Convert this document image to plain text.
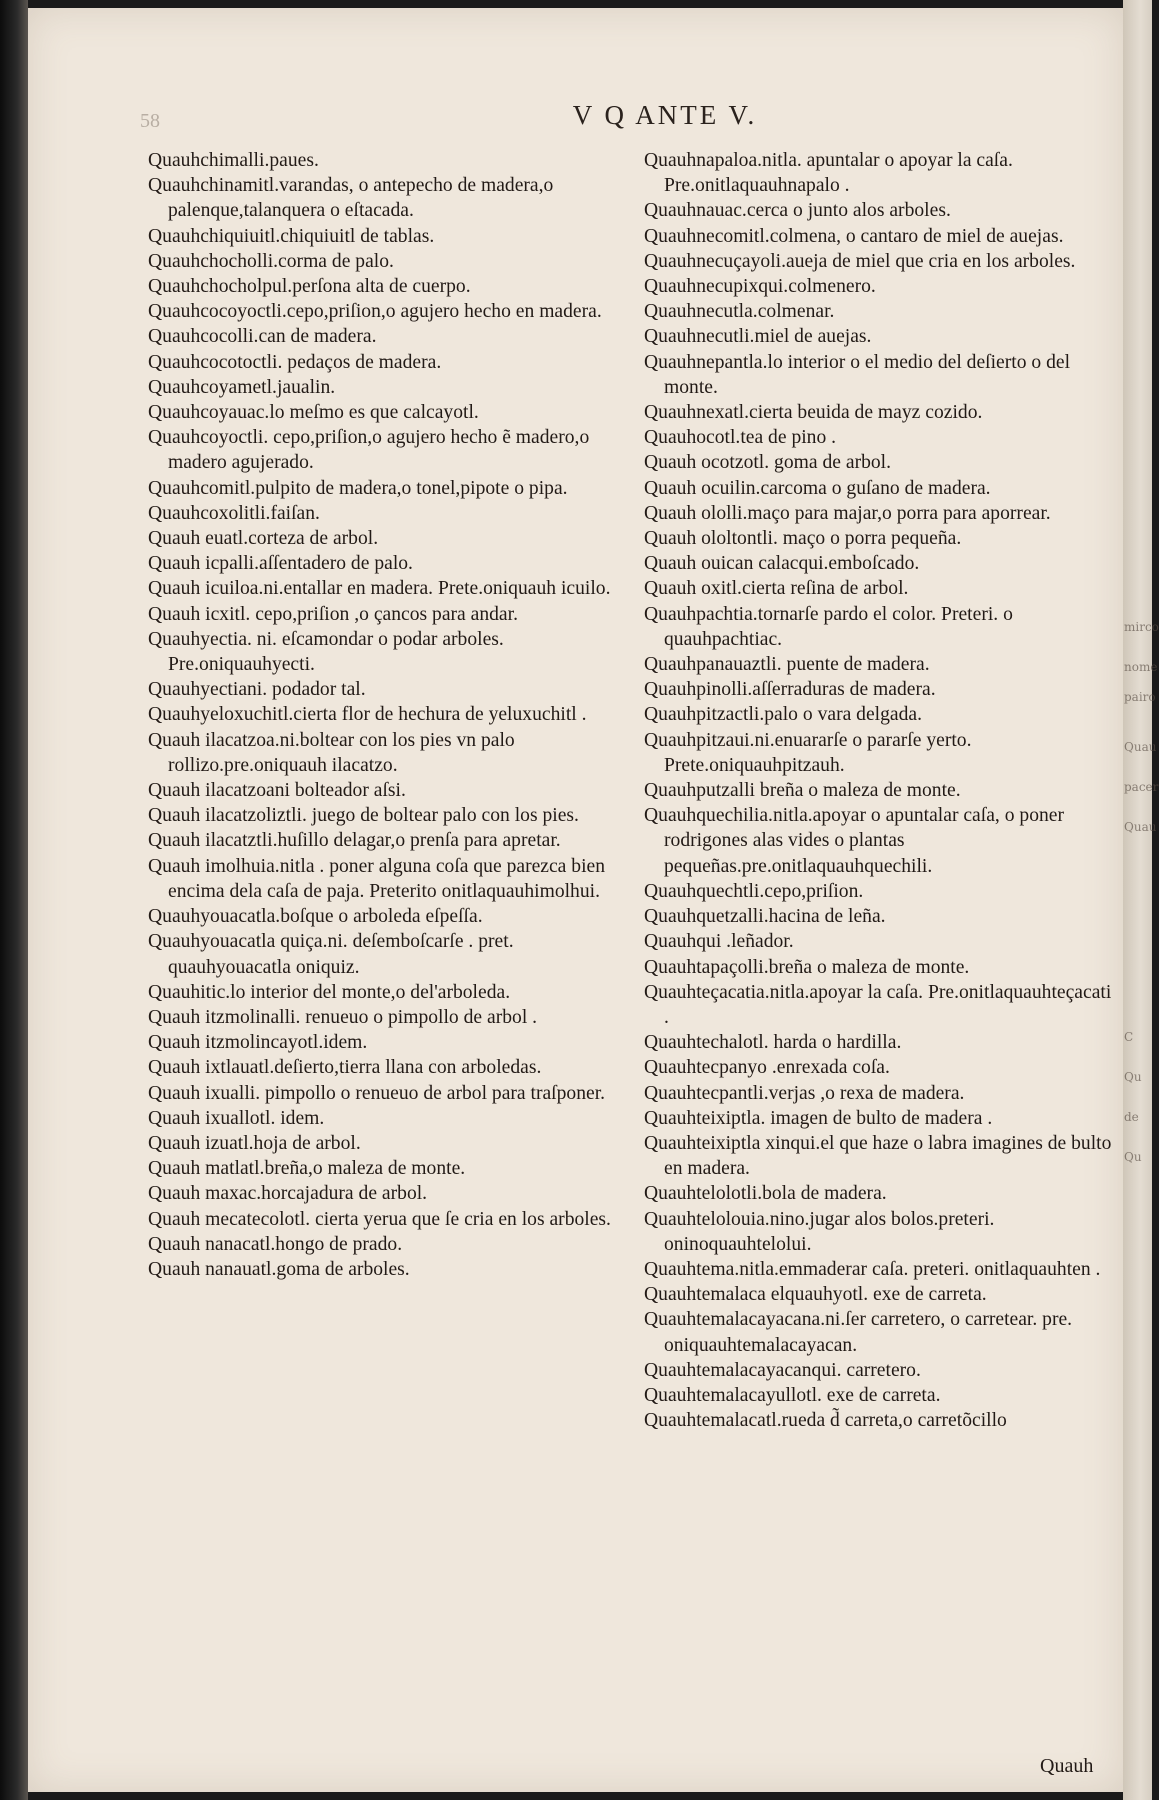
mirco
nome
pairo
Quau
pacer
Quau
C
Qu
de
Qu
58	V Q ANTE V.
Quauhchimalli.paues.
Quauhchinamitl.varandas, o antepecho de madera,o palenque,talanquera o eſtacada.
Quauhchiquiuitl.chiquiuitl de tablas.
Quauhchocholli.corma de palo.
Quauhchocholpul.perſona alta de cuerpo.
Quauhcocoyoctli.cepo,priſion,o agujero hecho en madera.
Quauhcocolli.can de madera.
Quauhcocotoctli. pedaços de madera.
Quauhcoyametl.jaualin.
Quauhcoyauac.lo meſmo es que calcayotl.
Quauhcoyoctli. cepo,priſion,o agujero hecho ẽ madero,o madero agujerado.
Quauhcomitl.pulpito de madera,o tonel,pipote o pipa.
Quauhcoxolitli.faiſan.
Quauh euatl.corteza de arbol.
Quauh icpalli.aſſentadero de palo.
Quauh icuiloa.ni.entallar en madera. Prete.oniquauh icuilo.
Quauh icxitl. cepo,priſion ,o çancos para andar.
Quauhyectia. ni. eſcamondar o podar arboles. Pre.oniquauhyecti.
Quauhyectiani. podador tal.
Quauhyeloxuchitl.cierta flor de hechura de yeluxuchitl .
Quauh ilacatzoa.ni.boltear con los pies vn palo rollizo.pre.oniquauh ilacatzo.
Quauh ilacatzoani bolteador aſsi.
Quauh ilacatzoliztli. juego de boltear palo con los pies.
Quauh ilacatztli.huſillo delagar,o prenſa para apretar.
Quauh imolhuia.nitla . poner alguna coſa que parezca bien encima dela caſa de paja. Preterito onitlaquauhimolhui.
Quauhyouacatla.boſque o arboleda eſpeſſa.
Quauhyouacatla quiça.ni. deſemboſcarſe . pret. quauhyouacatla oniquiz.
Quauhitic.lo interior del monte,o del'arboleda.
Quauh itzmolinalli. renueuo o pimpollo de arbol .
Quauh itzmolincayotl.idem.
Quauh ixtlauatl.deſierto,tierra llana con arboledas.
Quauh ixualli. pimpollo o renueuo de arbol para traſponer.
Quauh ixuallotl. idem.
Quauh izuatl.hoja de arbol.
Quauh matlatl.breña,o maleza de monte.
Quauh maxac.horcajadura de arbol.
Quauh mecatecolotl. cierta yerua que ſe cria en los arboles.
Quauh nanacatl.hongo de prado.
Quauh nanauatl.goma de arboles.
Quauhnapaloa.nitla. apuntalar o apoyar la caſa. Pre.onitlaquauhnapalo .
Quauhnauac.cerca o junto alos arboles.
Quauhnecomitl.colmena, o cantaro de miel de auejas.
Quauhnecuçayoli.aueja de miel que cria en los arboles.
Quauhnecupixqui.colmenero.
Quauhnecutla.colmenar.
Quauhnecutli.miel de auejas.
Quauhnepantla.lo interior o el medio del deſierto o del monte.
Quauhnexatl.cierta beuida de mayz cozido.
Quauhocotl.tea de pino .
Quauh ocotzotl. goma de arbol.
Quauh ocuilin.carcoma o guſano de madera.
Quauh ololli.maço para majar,o porra para aporrear.
Quauh ololtontli. maço o porra pequeña.
Quauh ouican calacqui.emboſcado.
Quauh oxitl.cierta reſina de arbol.
Quauhpachtia.tornarſe pardo el color. Preteri. o quauhpachtiac.
Quauhpanauaztli. puente de madera.
Quauhpinolli.aſſerraduras de madera.
Quauhpitzactli.palo o vara delgada.
Quauhpitzaui.ni.enuararſe o pararſe yerto. Prete.oniquauhpitzauh.
Quauhputzalli breña o maleza de monte.
Quauhquechilia.nitla.apoyar o apuntalar caſa, o poner rodrigones alas vides o plantas pequeñas.pre.onitlaquauhquechili.
Quauhquechtli.cepo,priſion.
Quauhquetzalli.hacina de leña.
Quauhqui .leñador.
Quauhtapaçolli.breña o maleza de monte.
Quauhteçacatia.nitla.apoyar la caſa. Pre.onitlaquauhteçacati .
Quauhtechalotl. harda o hardilla.
Quauhtecpanyo .enrexada coſa.
Quauhtecpantli.verjas ,o rexa de madera.
Quauhteixiptla. imagen de bulto de madera .
Quauhteixiptla xinqui.el que haze o labra imagines de bulto en madera.
Quauhtelolotli.bola de madera.
Quauhtelolouia.nino.jugar alos bolos.preteri. oninoquauhtelolui.
Quauhtema.nitla.emmaderar caſa. preteri. onitlaquauhten .
Quauhtemalaca elquauhyotl. exe de carreta.
Quauhtemalacayacana.ni.ſer carretero, o carretear. pre. oniquauhtemalacayacan.
Quauhtemalacayacanqui. carretero.
Quauhtemalacayullotl. exe de carreta.
Quauhtemalacatl.rueda d̃ carreta,o carretõcillo
Quauh
